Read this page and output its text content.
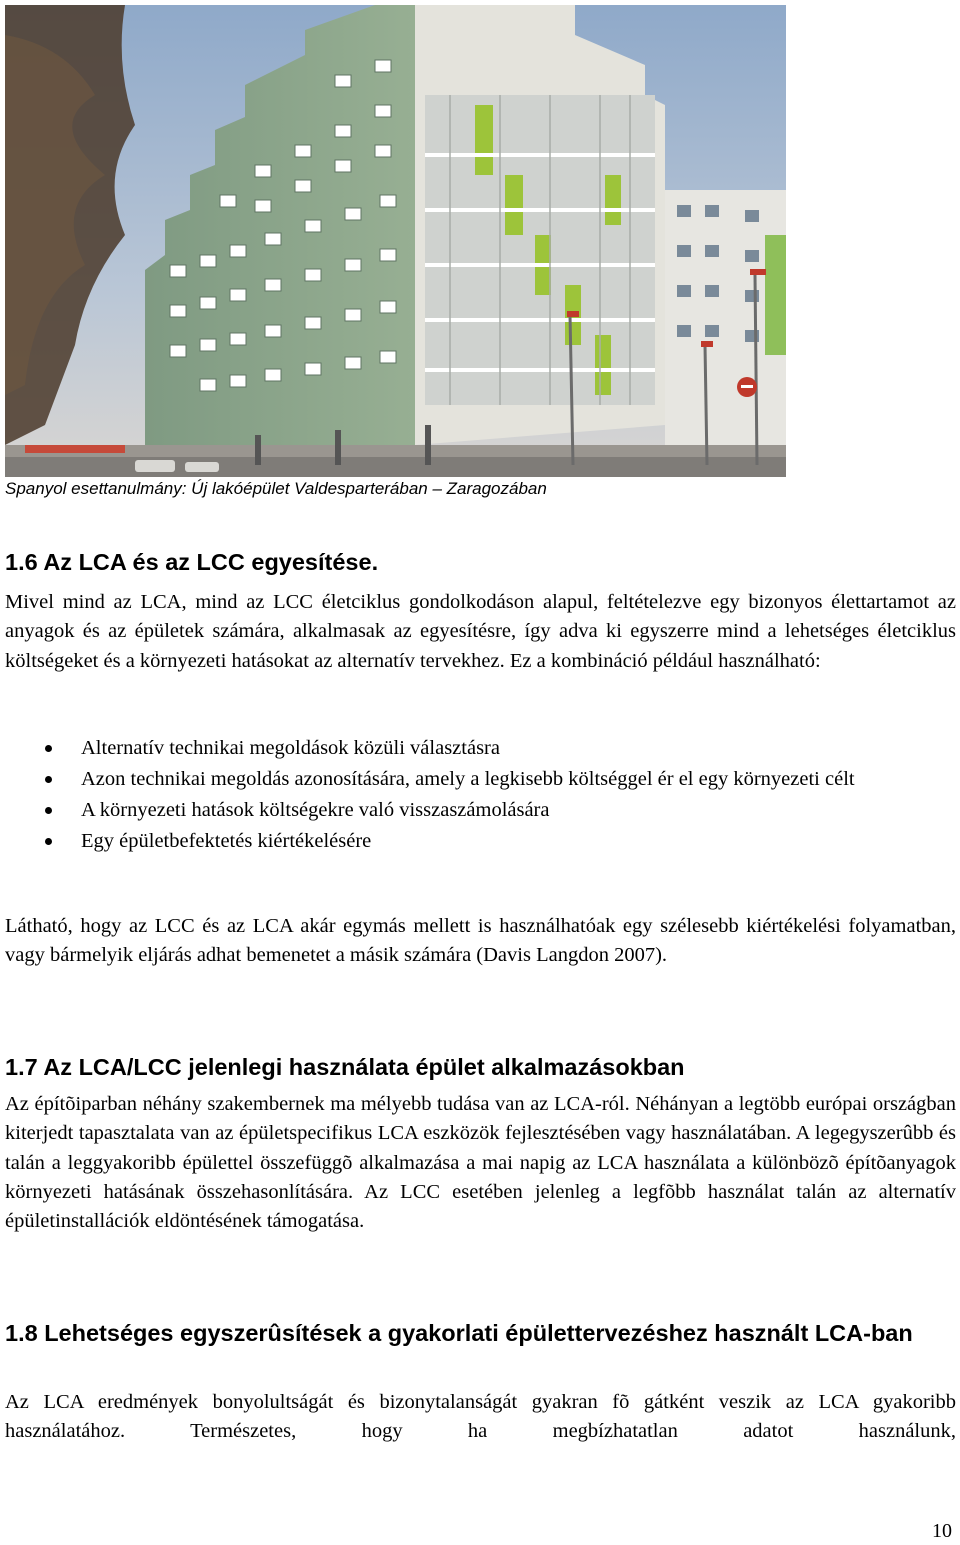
Spanyol esettanulmány: Új lakóépület Valdesparterában – Zaragozában
1.6 Az LCA és az LCC egyesítése.

Mivel mind az LCA, mind az LCC életciklus gondolkodáson alapul, feltételezve egy bizonyos élettartamot az anyagok és az épületek számára, alkalmasak az egyesítésre, így adva ki egyszerre mind a lehetséges életciklus költségeket és a környezeti hatásokat az alternatív tervekhez. Ez a kombináció például használható:

Alternatív technikai megoldások közüli választásra
Azon technikai megoldás azonosítására, amely a legkisebb költséggel ér el egy környezeti célt
A környezeti hatások költségekre való visszaszámolására
Egy épületbefektetés kiértékelésére

Látható, hogy az LCC és az LCA akár egymás mellett is használhatóak egy szélesebb kiértékelési folyamatban, vagy bármelyik eljárás adhat bemenetet a másik számára (Davis Langdon 2007).

1.7 Az LCA/LCC jelenlegi használata épület alkalmazásokban

Az építõiparban néhány szakembernek ma mélyebb tudása van az LCA-ról. Néhányan a legtöbb európai országban kiterjedt tapasztalata van az épületspecifikus LCA eszközök fejlesztésében vagy használatában. A legegyszerûbb és talán a leggyakoribb épülettel összefüggõ alkalmazása a mai napig az LCA használata a különbözõ építõanyagok környezeti hatásának összehasonlítására. Az LCC esetében jelenleg a legfõbb használat talán az alternatív épületinstallációk eldöntésének támogatása.

1.8 Lehetséges egyszerûsítések a gyakorlati épülettervezéshez használt LCA-ban

Az LCA eredmények bonyolultságát és bizonytalanságát gyakran fõ gátként veszik az LCA gyakoribb használatához. Természetes, hogy ha megbízhatatlan adatot használunk,

10
